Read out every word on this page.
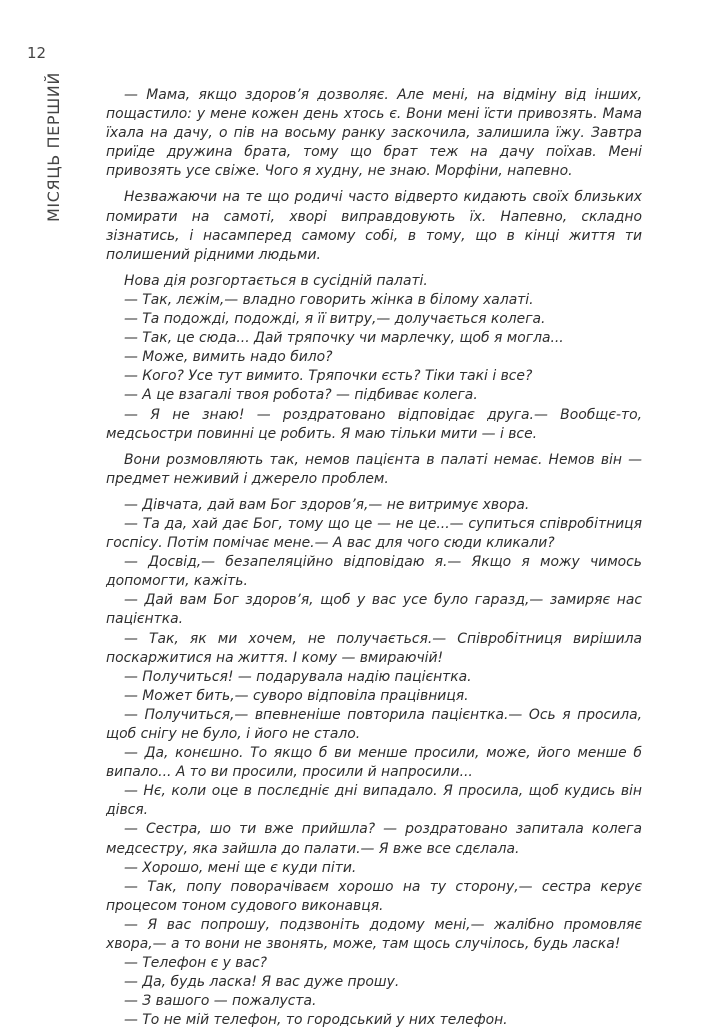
12
МІСЯЦЬ ПЕРШИЙ	— Мама, якщо здоров’я дозволяє. Але мені, на відміну від інших, пощастило: у мене кожен день хтось є. Вони мені їсти привозять. Мама їхала на дачу, о пів на восьму ранку заскочила, залишила їжу. Завтра приїде дружина брата, тому що брат теж на дачу поїхав. Мені привозять усе свіже. Чого я худну, не знаю. Морфіни, напевно.

Незважаючи на те що родичі часто відверто кидають своїх близьких помирати на самоті, хворі виправдовують їх. Напевно, складно зізнатись, і насамперед самому собі, в тому, що в кінці життя ти полишений рідними людьми.

Нова дія розгортається в сусідній палаті.

— Так, лєжім,— владно говорить жінка в білому халаті.

— Та подожді, подожді, я її витру,— долучається колега.

— Так, це сюда... Дай тряпочку чи марлечку, щоб я могла...

— Може, вимить надо било?

— Кого? Усе тут вимито. Тряпочки єсть? Тіки такі і все?

— А це взагалі твоя робота? — підбиває колега.

— Я не знаю! — роздратовано відповідає друга.— Вообщє-то, медсьостри повинні це робить. Я маю тільки мити — і все.

Вони розмовляють так, немов пацієнта в палаті немає. Немов він — предмет неживий і джерело проблем.

— Дівчата, дай вам Бог здоров’я,— не витримує хвора.

— Та да, хай дає Бог, тому що це — не це...— супиться співробітниця госпісу. Потім помічає мене.— А вас для чого сюди кликали?

— Досвід,— безапеляційно відповідаю я.— Якщо я можу чимось допомогти, кажіть.

— Дай вам Бог здоров’я, щоб у вас усе було гаразд,— замиряє нас пацієнтка.

— Так, як ми хочем, не получається.— Співробітниця вирішила поскаржитися на життя. І кому — вмираючій!

— Получиться! — подарувала надію пацієнтка.

— Может бить,— суворо відповіла працівниця.

— Получиться,— впевненіше повторила пацієнтка.— Ось я просила, щоб снігу не було, і його не стало.

— Да, конєшно. То якщо б ви менше просили, може, його менше б випало... А то ви просили, просили й напросили...

— Нє, коли оце в послєдніє дні випадало. Я просила, щоб кудись він дівся.

— Сестра, шо ти вже прийшла? — роздратовано запитала колега медсестру, яка зайшла до палати.— Я вже все сдєлала.

— Хорошо, мені ще є куди піти.

— Так, попу поворачіваєм хорошо на ту сторону,— сестра керує процесом тоном судового виконавця.

— Я вас попрошу, подзвоніть додому мені,— жалібно промовляє хвора,— а то вони не звонять, може, там щось случілось, будь ласка!

— Телефон є у вас?

— Да, будь ласка! Я вас дуже прошу.

— З вашого — пожалуста.

— То не мій телефон, то городський у них телефон.
